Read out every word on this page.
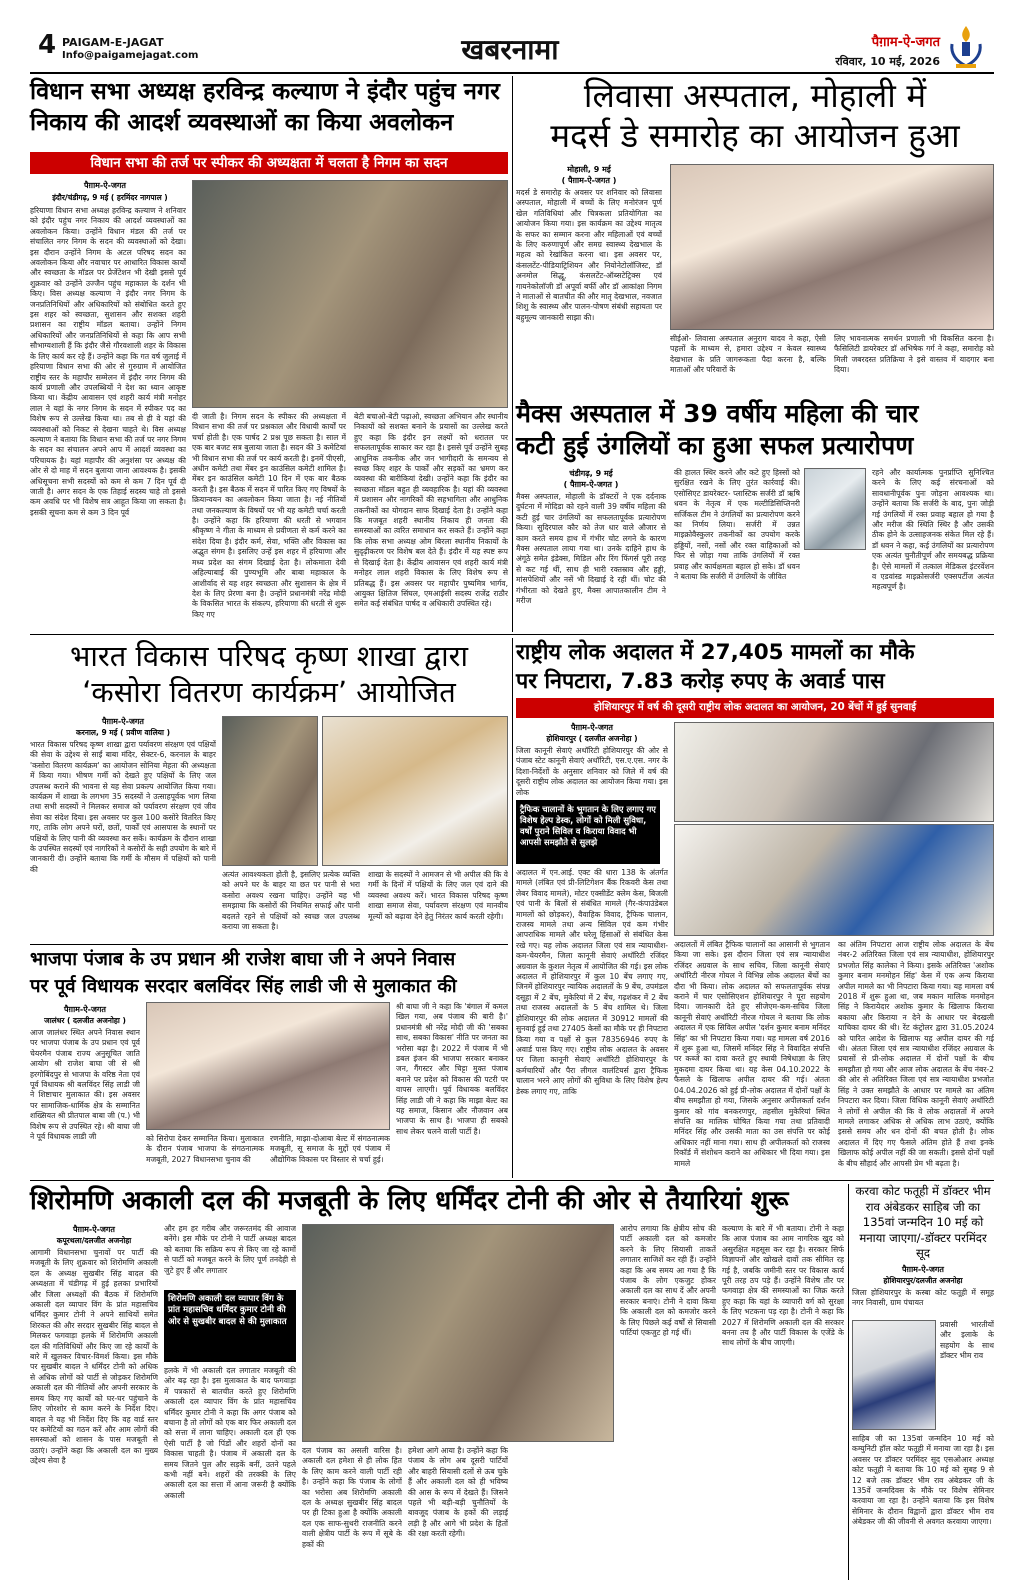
4 PAIGAM-E-JAGAT
Info@paigamejagat.com	खबरनामा	पैग़ाम-ऐ-जगत
रविवार, 10 मई, 2026
विधान सभा अध्यक्ष हरविन्द्र कल्याण ने इंदौर पहुंच नगर
निकाय की आदर्श व्यवस्थाओं का किया अवलोकन
विधान सभा की तर्ज पर स्पीकर की अध्यक्षता में चलता है निगम का सदन
पैग़ाम-ऐ-जगत
इंदौर/चंडीगढ़, 9 मई ( हरमिंदर नागपाल )
हरियाणा विधान सभा अध्यक्ष हरविन्द्र कल्याण ने शनिवार को इंदौर पहुंच नगर निकाय की आदर्श व्यवस्थाओं का अवलोकन किया। उन्होंने विधान मंडल की तर्ज पर संचालित नगर निगम के सदन की व्यवस्थाओं को देखा। इस दौरान उन्होंने निगम के अटल परिषद सदन का अवलोकन किया और नवाचार पर आधारित विकास कार्यों और स्वच्छता के मॉडल पर प्रेजेंटेशन भी देखी इससे पूर्व शुक्रवार को उन्होंने उज्जैन पहुंच महाकाल के दर्शन भी किए। विस अध्यक्ष कल्याण ने इंदौर नगर निगम के जनप्रतिनिधियों और अधिकारियों को संबोधित करते हुए इस शहर को स्वच्छता, सुशासन और सशक्त शहरी प्रशासन का राष्ट्रीय मॉडल बताया। उन्होंने निगम अधिकारियों और जनप्रतिनिधियों से कहा कि आप सभी सौभाग्यशाली हैं कि इंदौर जैसे गौरवशाली शहर के विकास के लिए कार्य कर रहे हैं। उन्होंने कहा कि गत वर्ष जुलाई में हरियाणा विधान सभा की ओर से गुरुग्राम में आयोजित राष्ट्रीय स्तर के महापौर सम्मेलन में इंदौर नगर निगम की कार्य प्रणाली और उपलब्धियों ने देश का ध्यान आकृष्ट किया था। केंद्रीय आवासन एवं शहरी कार्य मंत्री मनोहर लाल ने यहां के नगर निगम के सदन में स्पीकर पद का विशेष रूप से उल्लेख किया था। तब से ही वे यहां की व्यवस्थाओं को निकट से देखना चाहते थे। विस अध्यक्ष कल्याण ने बताया कि विधान सभा की तर्ज पर नगर निगम के सदन का संचालन अपने आप में आदर्श व्यवस्था का परिचायक है। यहां महापौर की अनुशंसा पर अध्यक्ष की ओर से दो माह में सदन बुलाया जाना आवश्यक है। इसकी अधिसूचना सभी सदस्यों को कम से कम 7 दिन पूर्व दी जाती है। अगर सदन के एक तिहाई सदस्य चाहे तो इससे कम अवधि पर भी विशेष सत्र आहूत किया जा सकता है। इसकी सूचना कम से कम 3 दिन पूर्व
दी जाती है। निगम सदन के स्पीकर की अध्यक्षता में विधान सभा की तर्ज पर प्रश्नकाल और विधायी कार्यों पर चर्चा होती है। एक पार्षद 2 प्रश्न पूछ सकता है। साल में एक बार बजट सत्र बुलाया जाता है। सदन की 3 कमेटियां भी विधान सभा की तर्ज पर कार्य करती है। इनमें पीएसी, अधीन कमेटी तथा मेंबर इन काउंसिल कमेटी शामिल है। मेंबर इन काउंसिल कमेटी 10 दिन में एक बार बैठक करती है। इस बैठक में सदन में पारित किए गए विषयों के क्रियान्वयन का अवलोकन किया जाता है। नई नीतियों तथा जनकल्याण के विषयों पर भी यह कमेटी चर्चा करती है। उन्होंने कहा कि हरियाणा की धरती से भगवान श्रीकृष्ण ने गीता के माध्यम से प्रवीणता से कर्म करने का संदेश दिया है। इंदौर कर्म, सेवा, भक्ति और विकास का अद्भुत संगम है। इसलिए उन्हें इस शहर में हरियाणा और मध्य प्रदेश का संगम दिखाई देता है। लोकमाता देवी अहिल्याबाई की पुण्यभूमि और बाबा महाकाल के आशीर्वाद से यह शहर स्वच्छता और सुशासन के क्षेत्र में देश के लिए प्रेरणा बना है। उन्होंने प्रधानमंत्री नरेंद्र मोदी के विकसित भारत के संकल्प, हरियाणा की धरती से शुरू किए गए
बेटी बचाओ-बेटी पढ़ाओ, स्वच्छता अभियान और स्थानीय निकायों को सशक्त बनाने के प्रयासों का उल्लेख करते हुए कहा कि इंदौर इन लक्ष्यों को धरातल पर सफलतापूर्वक साकार कर रहा है। इससे पूर्व उन्होंने सुबह आधुनिक तकनीक और जन भागीदारी के समन्वय से स्वच्छ किए शहर के पार्कों और सड़कों का भ्रमण कर व्यवस्था की बारीकियां देखी। उन्होंने कहा कि इंदौर का स्वच्छता मॉडल बहुत ही व्यवहारिक है। यहां की व्यवस्था में प्रशासन और नागरिकों की सहभागिता और आधुनिक तकनीकों का योगदान साफ दिखाई देता है। उन्होंने कहा कि मजबूत शहरी स्थानीय निकाय ही जनता की समस्याओं का त्वरित समाधान कर सकते हैं। उन्होंने कहा कि लोक सभा अध्यक्ष ओम बिरला स्थानीय निकायों के सुदृढ़ीकरण पर विशेष बल देते हैं। इंदौर में यह स्पष्ट रूप से दिखाई देता है। केंद्रीय आवासन एवं शहरी कार्य मंत्री मनोहर लाल शहरी विकास के लिए विशेष रूप से प्रतिबद्ध हैं। इस अवसर पर महापौर पुष्यमित्र भार्गव, आयुक्त क्षितिज सिंघल, एमआईसी सदस्य राजेंद्र राठौर समेत कई संबंधित पार्षद व अधिकारी उपस्थित रहे।
लिवासा अस्पताल, मोहाली में
मदर्स डे समारोह का आयोजन हुआ
मोहाली, 9 मई
( पैग़ाम-ऐ-जगत )
मदर्स डे समारोह के अवसर पर शनिवार को लिवासा अस्पताल, मोहाली में बच्चों के लिए मनोरंजन पूर्ण खेल गतिविधियां और चित्रकला प्रतियोगिता का आयोजन किया गया। इस कार्यक्रम का उद्देश्य मातृत्व के सफर का सम्मान करना और महिलाओं एवं बच्चों के लिए करुणापूर्ण और समग्र स्वास्थ्य देखभाल के महत्व को रेखांकित करना था। इस अवसर पर, कंसलटेंट-पीडियाट्रिशियन और नियोनेटोलॉजिस्ट, डॉ अनमोल सिद्धू, कंसलटेंट-ऑब्सटेट्रिक्स एवं गायनेकोलॉजी डॉ अपूर्वा बर्फी और डॉ आकांक्षा निगम ने माताओं से बातचीत की और मातृ देखभाल, नवजात शिशु के स्वास्थ्य और पालन-पोषण संबंधी सहायता पर बहुमूल्य जानकारी साझा की।
सीईओ- लिवासा अस्पताल अनुराग यादव ने कहा, ऐसी पहलों के माध्यम से, हमारा उद्देश्य न केवल स्वास्थ्य देखभाल के प्रति जागरूकता पैदा करना है, बल्कि माताओं और परिवारों के
लिए भावनात्मक समर्थन प्रणाली भी विकसित करना है। फैसिलिटी डायरेक्टर डॉ अभिषेक गर्ग ने कहा, समारोह को मिली जबरदस्त प्रतिक्रिया ने इसे वास्तव में यादगार बना दिया।
मैक्स अस्पताल में 39 वर्षीय महिला की चार
कटी हुई उंगलियों का हुआ सफल प्रत्यारोपण
चंडीगढ़, 9 मई
( पैग़ाम-ऐ-जगत )
मैक्स अस्पताल, मोहाली के डॉक्टरों ने एक दर्दनाक दुर्घटना में मोदिडा को रहने वाली 39 वर्षीय महिला की कटी हुई चार उंगलियों का सफलतापूर्वक प्रत्यारोपण किया। सुदिरपाल कौर को तेज धार वाले औजार से काम करते समय हाथ में गंभीर चोट लगने के कारण मैक्स अस्पताल लाया गया था। उनके दाहिने हाथ के अंगूठे समेत इंडेक्स, मिडिल और रिंग फिंगर्स पूरी तरह से कट गई थीं, साथ ही भारी रक्तस्राव और हड्डी, मांसपेशियों और नसें भी दिखाई दे रही थीं। चोट की गंभीरता को देखते हुए, मैक्स आपातकालीन टीम ने मरीज
की हालत स्थिर करने और कटे हुए हिस्सों को सुरक्षित रखने के लिए तुरंत कार्रवाई की। एसोसिएट डायरेक्टर- प्लास्टिक सर्जरी डॉ ऋषि धवन के नेतृत्व में एक मल्टीडिसिप्लिनरी सर्जिकल टीम ने उंगलियों का प्रत्यारोपण करने का निर्णय लिया। सर्जरी में उन्नत माइक्रोवैस्कुलर तकनीकों का उपयोग करके हड्डियों, नसों, नसों और रक्त वाहिकाओं को फिर से जोड़ा गया ताकि उंगलियों में रक्त प्रवाह और कार्यक्षमता बहाल हो सके। डॉ धवन ने बताया कि सर्जरी में उंगलियों के जीवित
रहने और कार्यात्मक पुनर्प्राप्ति सुनिश्चित करने के लिए कई संरचनाओं को सावधानीपूर्वक पुनः जोड़ना आवश्यक था। उन्होंने बताया कि सर्जरी के बाद, पुनः जोड़ी गई उंगलियों में रक्त प्रवाह बहाल हो गया है और मरीज की स्थिति स्थिर है और उसकी ठीक होने के उत्साहजनक संकेत मिल रहे हैं। डॉ धवन ने कहा, कई उंगलियों का प्रत्यारोपण एक अत्यंत चुनौतीपूर्ण और समयबद्ध प्रक्रिया है। ऐसे मामलों में तत्काल मेडिकल इंटरवेंशन व एडवांस्ड माइक्रोसर्जरी एक्सपर्टीज अत्यंत महत्वपूर्ण है।
भारत विकास परिषद कृष्ण शाखा द्वारा
‘कसोरा वितरण कार्यक्रम’ आयोजित
पैग़ाम-ऐ-जगत
करनाल, 9 मई ( प्रवीण वालिया )
भारत विकास परिषद कृष्ण शाखा द्वारा पर्यावरण संरक्षण एवं पक्षियों की सेवा के उद्देश्य से साईं बाबा मंदिर, सेक्टर-6, करनाल के बाहर 'कसोरा वितरण कार्यक्रम' का आयोजन सोनिया मेहता की अध्यक्षता में किया गया। भीषण गर्मी को देखते हुए पक्षियों के लिए जल उपलब्ध कराने की भावना से यह सेवा प्रकल्प आयोजित किया गया। कार्यक्रम में शाखा के लगभग 35 सदस्यों ने उत्साहपूर्वक भाग लिया तथा सभी सदस्यों ने मिलकर समाज को पर्यावरण संरक्षण एवं जीव सेवा का संदेश दिया। इस अवसर पर कुल 100 कसोरे वितरित किए गए, ताकि लोग अपने घरों, छतों, पार्कों एवं आसपास के स्थानों पर पक्षियों के लिए पानी की व्यवस्था कर सकें। कार्यक्रम के दौरान शाखा के उपस्थित सदस्यों एवं नागरिकों ने कसोरों के सही उपयोग के बारे में जानकारी दी। उन्होंने बताया कि गर्मी के मौसम में पक्षियों को पानी की
अत्यंत आवश्यकता होती है, इसलिए प्रत्येक व्यक्ति को अपने घर के बाहर या छत पर पानी से भरा कसोरा अवश्य रखना चाहिए। उन्होंने यह भी समझाया कि कसोरों की नियमित सफाई और पानी बदलते रहने से पक्षियों को स्वच्छ जल उपलब्ध कराया जा सकता है।
शाखा के सदस्यों ने आमजन से भी अपील की कि वे गर्मी के दिनों में पक्षियों के लिए जल एवं दाने की व्यवस्था अवश्य करें। भारत विकास परिषद कृष्ण शाखा समाज सेवा, पर्यावरण संरक्षण एवं मानवीय मूल्यों को बढ़ावा देने हेतु निरंतर कार्य करती रहेगी।
राष्ट्रीय लोक अदालत में 27,405 मामलों का मौके
पर निपटारा, 7.83 करोड़ रुपए के अवार्ड पास
होशियारपुर में वर्ष की दूसरी राष्ट्रीय लोक अदालत का आयोजन, 20 बेंचों में हुई सुनवाई
पैग़ाम-ऐ-जगत
होशियारपुर ( दलजीत अजनोहा )
जिला कानूनी सेवाएं अथॉरिटी होशियारपुर की ओर से पंजाब स्टेट कानूनी सेवाएं अथॉरिटी, एस.ए.एस. नगर के दिशा-निर्देशों के अनुसार शनिवार को जिले में वर्ष की दूसरी राष्ट्रीय लोक अदालत का आयोजन किया गया। इस लोक
ट्रैफिक चालानों के भुगतान के लिए लगाए गए विशेष हेल्प डेस्क, लोगों को मिली सुविधा, वर्षों पुराने सिविल व किराया विवाद भी आपसी समझौते से सुलझे
अदालत में एन.आई. एक्ट की धारा 138 के अंतर्गत मामले (लंबित एवं प्री-लिटिगेशन बैंक रिकवरी केस तथा लेबर विवाद मामले), मोटर एक्सीडेंट क्लेम केस, बिजली एवं पानी के बिलों से संबंधित मामले (गैर-कंपाउंडेबल मामलों को छोड़कर), वैवाहिक विवाद, ट्रैफिक चालान, राजस्व मामले तथा अन्य सिविल एवं कम गंभीर आपराधिक मामले और घरेलू हिंसाओं से संबंधित केस रखे गए। यह लोक अदालत जिला एवं सत्र न्यायाधीश-कम-चेयरमैन, जिला कानूनी सेवाएं अथॉरिटी रजिंदर अग्रवाल के कुशल नेतृत्व में आयोजित की गई। इस लोक अदालत में होशियारपुर में कुल 10 बेंच लगाए गए, जिनमें होशियारपुर न्यायिक अदालतों के 9 बेंच, उपमंडल दसूहा में 2 बेंच, मुकेरियां में 2 बेंच, गढ़शंकर में 2 बेंच तथा राजस्व अदालतों के 5 बेंच शामिल थे। जिला होशियारपुर की लोक अदालत में 30912 मामलों की सुनवाई हुई तथा 27405 केसों का मौके पर ही निपटारा किया गया व पक्षों से कुल 78356946 रुपए के अवार्ड पास किए गए। राष्ट्रीय लोक अदालत के अवसर पर जिला कानूनी सेवाएं अथॉरिटी होशियारपुर के कर्मचारियों और पैरा लीगल वालंटियर्स द्वारा ट्रैफिक चालान भरने आए लोगों की सुविधा के लिए विशेष हेल्प डेस्क लगाए गए, ताकि
अदालतों में लंबित ट्रैफिक चालानों का आसानी से भुगतान किया जा सके। इस दौरान जिला एवं सत्र न्यायाधीश रजिंदर अग्रवाल के साथ सचिव, जिला कानूनी सेवाएं अथॉरिटी नीरज गोयल ने विभिन्न लोक अदालत बेंचों का दौरा भी किया। लोक अदालत को सफलतापूर्वक संपन्न कराने में चार एसोसिएशन होशियारपुर ने पूरा सहयोग दिया। जानकारी देते हुए सीजेएम-कम-सचिव जिला कानूनी सेवाएं अथॉरिटी नीरज गोयल ने बताया कि लोक अदालत में एक सिविल अपील 'दर्शन कुमार बनाम मनिंदर सिंह' का भी निपटारा किया गया। यह मामला वर्ष 2016 में शुरू हुआ था, जिसमें मनिंदर सिंह ने विवादित संपत्ति पर कब्जे का दावा करते हुए स्थायी निषेधाज्ञा के लिए मुकदमा दायर किया था। यह केस 04.10.2022 के फैसले के खिलाफ अपील दायर की गई। अंततः 04.04.2026 को हुई प्री-लोक अदालत में दोनों पक्षों के बीच समझौता हो गया, जिसके अनुसार अपीलकर्ता दर्शन कुमार को गांव बनकरणपुर, तहसील मुकेरियां स्थित संपत्ति का मालिक घोषित किया गया तथा प्रतिवादी मनिंदर सिंह और उसकी माता का उस संपत्ति पर कोई अधिकार नहीं माना गया। साथ ही अपीलकर्ता को राजस्व रिकॉर्ड में संशोधन कराने का अधिकार भी दिया गया। इस मामले
का अंतिम निपटारा आज राष्ट्रीय लोक अदालत के बेंच नंबर-2 अतिरिक्त जिला एवं सत्र न्यायाधीश, होशियारपुर प्रभजोत सिंह कालेका ने किया। इसके अतिरिक्त 'अशोक कुमार बनाम मनमोहन सिंह' केस में एक अन्य किराया अपील मामले का भी निपटारा किया गया। यह मामला वर्ष 2018 में शुरू हुआ था, जब मकान मालिक मनमोहन सिंह ने किरायेदार अशोक कुमार के खिलाफ किराया बकाया और किराया न देने के आधार पर बेदखली याचिका दायर की थी। रेंट कंट्रोलर द्वारा 31.05.2024 को पारित आदेश के खिलाफ यह अपील दायर की गई थी। अंततः जिला एवं सत्र न्यायाधीश रजिंदर अग्रवाल के प्रयासों से प्री-लोक अदालत में दोनों पक्षों के बीच समझौता हो गया और आज लोक अदालत के बेंच नंबर-2 की ओर से अतिरिक्त जिला एवं सत्र न्यायाधीश प्रभजोत सिंह ने उक्त समझौते के आधार पर मामले का अंतिम निपटारा कर दिया। जिला विधिक कानूनी सेवाएं अथॉरिटी ने लोगों से अपील की कि वे लोक अदालतों में अपने मामले लगाकर अधिक से अधिक लाभ उठाएं, क्योंकि इससे समय और धन दोनों की बचत होती है। लोक अदालत में दिए गए फैसले अंतिम होते हैं तथा इनके खिलाफ कोई अपील नहीं की जा सकती। इससे दोनों पक्षों के बीच सौहार्द और आपसी प्रेम भी बढ़ता है।
भाजपा पंजाब के उप प्रधान श्री राजेश बाघा जी ने अपने निवास
पर पूर्व विधायक सरदार बलविंदर सिंह लाडी जी से मुलाकात की
पैग़ाम-ऐ-जगत
जालंधर ( दलजीत अजनोहा )
आज जालंधर स्थित अपने निवास स्थान पर भाजपा पंजाब के उप प्रधान एवं पूर्व चेयरमैन पंजाब राज्य अनुसूचित जाति आयोग श्री राजेश बाघा जी से श्री हरगोबिंदपुर से भाजपा के वरिष्ठ नेता एवं पूर्व विधायक श्री बलविंदर सिंह लाडी जी ने शिष्टाचार मुलाकात की। इस अवसर पर सामाजिक-धार्मिक क्षेत्र के सम्मानित शख्सियत श्री प्रीतपाल बाबा जी (प.) भी विशेष रूप से उपस्थित रहे। श्री बाघा जी ने पूर्व विधायक लाडी जी	को सिरोपा देकर सम्मानित किया। मुलाकात के दौरान पंजाब भाजपा के संगठनात्मक मजबूती, 2027 विधानसभा चुनाव की
रणनीति, माझा-दोआबा बेल्ट में संगठनात्मक मजबूती, सू समाज के मुद्दों एवं पंजाब में औद्योगिक विकास पर विस्तार से चर्चा हुई।
श्री बाघा जी ने कहा कि 'बंगाल में कमल खिल गया, अब पंजाब की बारी है।' प्रधानमंत्री श्री नरेंद्र मोदी जी की 'सबका साथ, सबका विकास' नीति पर जनता का भरोसा बढ़ा है। 2022 में पंजाब में भी डबल इंजन की भाजपा सरकार बनाकर जन, गैंगस्टर और चिट्टा मुक्त पंजाब बनाने पर प्रदेश को विकास की पटरी पर वापस लाएगी। पूर्व विधायक बलविंदर सिंह लाडी जी ने कहा कि माझा बेल्ट का यह समाज, किसान और नौजवान अब भाजपा के साथ है। भाजपा ही सबको साथ लेकर चलने वाली पार्टी है।
शिरोमणि अकाली दल की मजबूती के लिए धर्मिंदर टोनी की ओर से तैयारियां शुरू
पैग़ाम-ऐ-जगत
कपूरथला/दलजीत अजनोहा
आगामी विधानसभा चुनावों पर पार्टी की मजबूती के लिए शुक्रवार को शिरोमणि अकाली दल के अध्यक्ष सुखबीर सिंह बादल की अध्यक्षता में चंडीगढ़ में हुई हलका प्रभारियों और जिला अध्यक्षों की बैठक में शिरोमणि अकाली दल व्यापार विंग के प्रांत महासचिव धर्मिंदर कुमार टोनी ने अपने साथियों समेत शिरकत की और सरदार सुखबीर सिंह बादल से मिलकर फगवाड़ा हलके में शिरोमणि अकाली दल की गतिविधियों और किए जा रहे कार्यों के बारे में खुलकर विचार-विमर्श किया। इस मौके पर सुखबीर बादल ने धर्मिंदर टोनी को अधिक से अधिक लोगों को पार्टी से जोड़कर शिरोमणि अकाली दल की नीतियों और अपनी सरकार के समय किए गए कार्यों को घर-घर पहुंचाने के लिए जोरशोर से काम करने के निर्देश दिए। बादल ने यह भी निर्देश दिए कि वह वार्ड स्तर पर कमेटियों का गठन करें और आम लोगों की समस्याओं को शासन के पास मजबूती से उठाएं। उन्होंने कहा कि अकाली दल का मुख्य उद्देश्य सेवा है
और हम हर गरीब और जरूरतमंद की आवाज बनेंगे। इस मौके पर टोनी ने पार्टी अध्यक्ष बादल को बताया कि सक्रिय रूप से किए जा रहे कामों से पार्टी को मजबूत करने के लिए पूर्ण तनदेही से जुटे हुए हैं और लगातार
शिरोमणि अकाली दल व्यापार विंग के प्रांत महासचिव धर्मिंदर कुमार टोनी की ओर से सुखबीर बादल से की मुलाकात
हलके में भी अकाली दल लगातार मजबूती की ओर बढ़ रहा है। इस मुलाकात के बाद फगवाड़ा में पत्रकारों से बातचीत करते हुए शिरोमणि अकाली दल व्यापार विंग के प्रांत महासचिव धर्मिंदर कुमार टोनी ने कहा कि अगर पंजाब को बचाना है तो लोगों को एक बार फिर अकाली दल को सत्ता में लाना चाहिए। अकाली दल ही एक ऐसी पार्टी है जो पिंडों और शहरों दोनों का विकास चाहती है। पंजाब में अकाली दल के समय जितने पुल और सड़कें बनीं, उतने पहले कभी नहीं बने। शहरों की तरक्की के लिए अकाली दल का सत्ता में आना जरूरी है क्योंकि अकाली
दल पंजाब का असली वारिस है। अकाली दल हमेशा से ही लोक हित के लिए काम करने वाली पार्टी रही है। उन्होंने कहा कि पंजाब के लोगों का भरोसा अब शिरोमणि अकाली दल के अध्यक्ष सुखबीर सिंह बादल पर ही टिका हुआ है क्योंकि अकाली दल एक साफ-सुथरी राजनीति करने वाली क्षेत्रीय पार्टी के रूप में सूबे के हकों की
हमेशा आगे आया है। उन्होंने कहा कि पंजाब के लोग अब दूसरी पार्टियों और बाहरी सियासी दलों से ऊब चुके हैं और अकाली दल को ही भविष्य की आस के रूप में देखते हैं। जिसने पहले भी बड़ी-बड़ी चुनौतियों के बावजूद पंजाब के हकों की लड़ाई लड़ी है और आगे भी प्रदेश के हितों की रक्षा करती रहेगी।
आरोप लगाया कि क्षेत्रीय सोच की पार्टी अकाली दल को कमजोर करने के लिए सियासी ताकतें लगातार साजिशें कर रही हैं। उन्होंने कहा कि अब समय आ गया है कि पंजाब के लोग एकजुट होकर अकाली दल का साथ दें और अपनी सरकार बनाएं। टोनी ने दावा किया कि अकाली दल को कमजोर करने के लिए पिछले कई वर्षों से सियासी पार्टियां एकजुट हो गई थीं।
कल्याण के बारे में भी बताया। टोनी ने कहा कि आज पंजाब का आम नागरिक खुद को असुरक्षित महसूस कर रहा है। सरकार सिर्फ विज्ञापनों और खोखले दावों तक सीमित रह गई है, जबकि जमीनी स्तर पर विकास कार्य पूरी तरह ठप पड़े हैं। उन्होंने विशेष तौर पर फगवाड़ा क्षेत्र की समस्याओं का जिक्र करते हुए कहा कि यहां के व्यापारी वर्ग को सुरक्षा के लिए भटकना पड़ रहा है। टोनी ने कहा कि 2027 में शिरोमणि अकाली दल की सरकार बनना तय है और पार्टी विकास के एजेंडे के साथ लोगों के बीच जाएगी।
करवा कोट फतूही में डॉक्टर भीम राव अंबेडकर साहिब जी का 135वां जन्मदिन 10 मई को मनाया जाएगा/-डॉक्टर परमिंदर सूद
पैग़ाम-ऐ-जगत
होशियारपुर/दलजीत अजनोहा
जिला होशियारपुर के कस्बा कोट फतूही में समूह नगर निवासी, ग्राम पंचायत
प्रवासी भारतीयों और इलाके के सहयोग के साथ डॉक्टर भीम राव
साहिब जी का 135वां जन्मदिन 10 मई को कम्युनिटी हॉल कोट फतूही में मनाया जा रहा है। इस अवसर पर डॉक्टर परमिंदर सूद एसओआर अध्यक्ष कोट फतूही ने बताया कि 10 मई को सुबह 9 से 12 बजे तक डॉक्टर भीम राव अंबेडकर जी के 135वें जन्मदिवस के मौके पर विशेष सेमिनार करवाया जा रहा है। उन्होंने बताया कि इस विशेष सेमिनार के दौरान विद्वानों द्वारा डॉक्टर भीम राव अंबेडकर जी की जीवनी से अवगत करवाया जाएगा।
